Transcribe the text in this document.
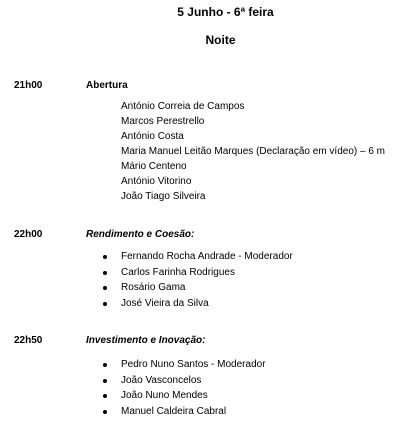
5 Junho - 6ª feira
Noite
21h00	Abertura
António Correia de Campos
Marcos Perestrello
António Costa
Maria Manuel Leitão Marques (Declaração em vídeo) – 6 m
Mário Centeno
António Vitorino
João Tiago Silveira
22h00	Rendimento e Coesão:
Fernando Rocha Andrade - Moderador
Carlos Farinha Rodrigues
Rosário Gama
José Vieira da Silva
22h50	Investimento e Inovação:
Pedro Nuno Santos - Moderador
João Vasconcelos
João Nuno Mendes
Manuel Caldeira Cabral
